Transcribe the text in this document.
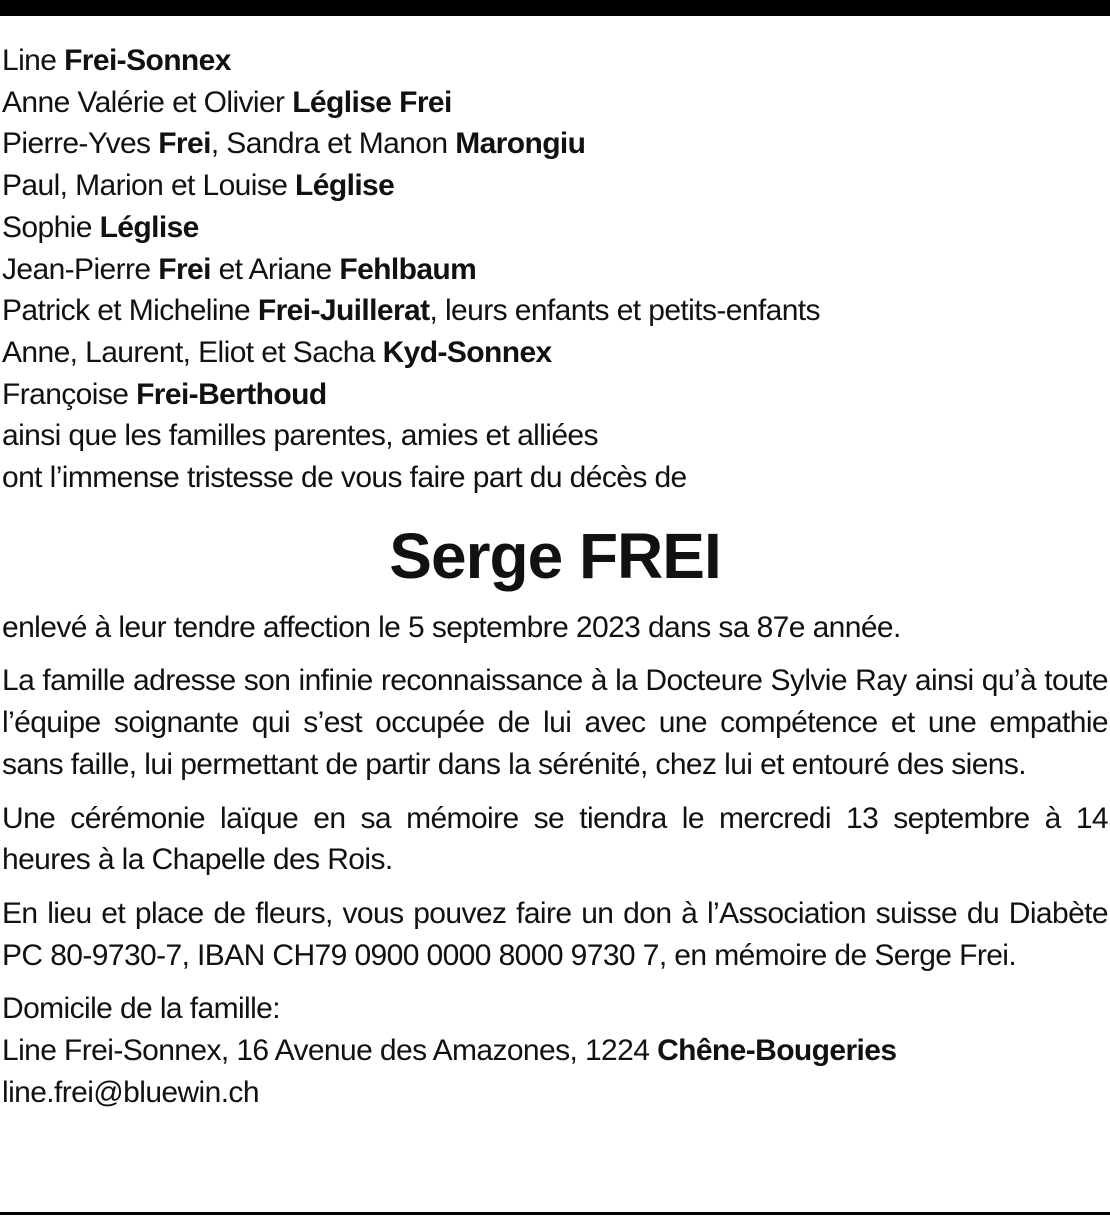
Line Frei-Sonnex
Anne Valérie et Olivier Léglise Frei
Pierre-Yves Frei, Sandra et Manon Marongiu
Paul, Marion et Louise Léglise
Sophie Léglise
Jean-Pierre Frei et Ariane Fehlbaum
Patrick et Micheline Frei-Juillerat, leurs enfants et petits-enfants
Anne, Laurent, Eliot et Sacha Kyd-Sonnex
Françoise Frei-Berthoud
ainsi que les familles parentes, amies et alliées
ont l’immense tristesse de vous faire part du décès de
Serge FREI
enlevé à leur tendre affection le 5 septembre 2023 dans sa 87e année.
La famille adresse son infinie reconnaissance à la Docteure Sylvie Ray ainsi qu’à toute l’équipe soignante qui s’est occupée de lui avec une compétence et une empathie sans faille, lui permettant de partir dans la sérénité, chez lui et entouré des siens.
Une cérémonie laïque en sa mémoire se tiendra le mercredi 13 septembre à 14 heures à la Chapelle des Rois.
En lieu et place de fleurs, vous pouvez faire un don à l’Association suisse du Diabète PC 80-9730-7, IBAN CH79 0900 0000 8000 9730 7, en mémoire de Serge Frei.
Domicile de la famille:
Line Frei-Sonnex, 16 Avenue des Amazones, 1224 Chêne-Bougeries
line.frei@bluewin.ch
